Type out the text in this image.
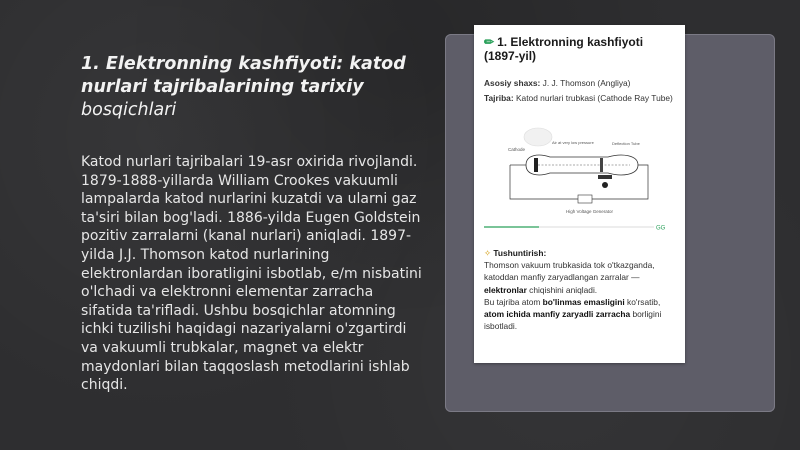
1. Elektronning kashfiyoti: katod
nurlari tajribalarining tarixiy
bosqichlari
Katod nurlari tajribalari 19-asr oxirida rivojlandi. 1879-1888-yillarda William Crookes vakuumli lampalarda katod nurlarini kuzatdi va ularni gaz ta'siri bilan bog'ladi. 1886-yilda Eugen Goldstein pozitiv zarralarni (kanal nurlari) aniqladi. 1897-yilda J.J. Thomson katod nurlarining elektronlardan iboratligini isbotlab, e/m nisbatini o'lchadi va elektronni elementar zarracha sifatida ta'rifladi. Ushbu bosqichlar atomning ichki tuzilishi haqidagi nazariyalarni o'zgartirdi va vakuumli trubkalar, magnet va elektr maydonlari bilan taqqoslash metodlarini ishlab chiqdi.
✏ 1. Elektronning kashfiyoti (1897-yil)
Asosiy shaxs: J. J. Thomson (Angliya)
Tajriba: Katod nurlari trubkasi (Cathode Ray Tube)
Cathode
Air at very low pressure	Deflection Tube
High Voltage Generator
GG
✧ Tushuntirish:
Thomson vakuum trubkasida tok o'tkazganda, katoddan manfiy zaryadlangan zarralar — elektronlar chiqishini aniqladi.
Bu tajriba atom bo'linmas emasligini ko'rsatib, atom ichida manfiy zaryadli zarracha borligini isbotladi.
